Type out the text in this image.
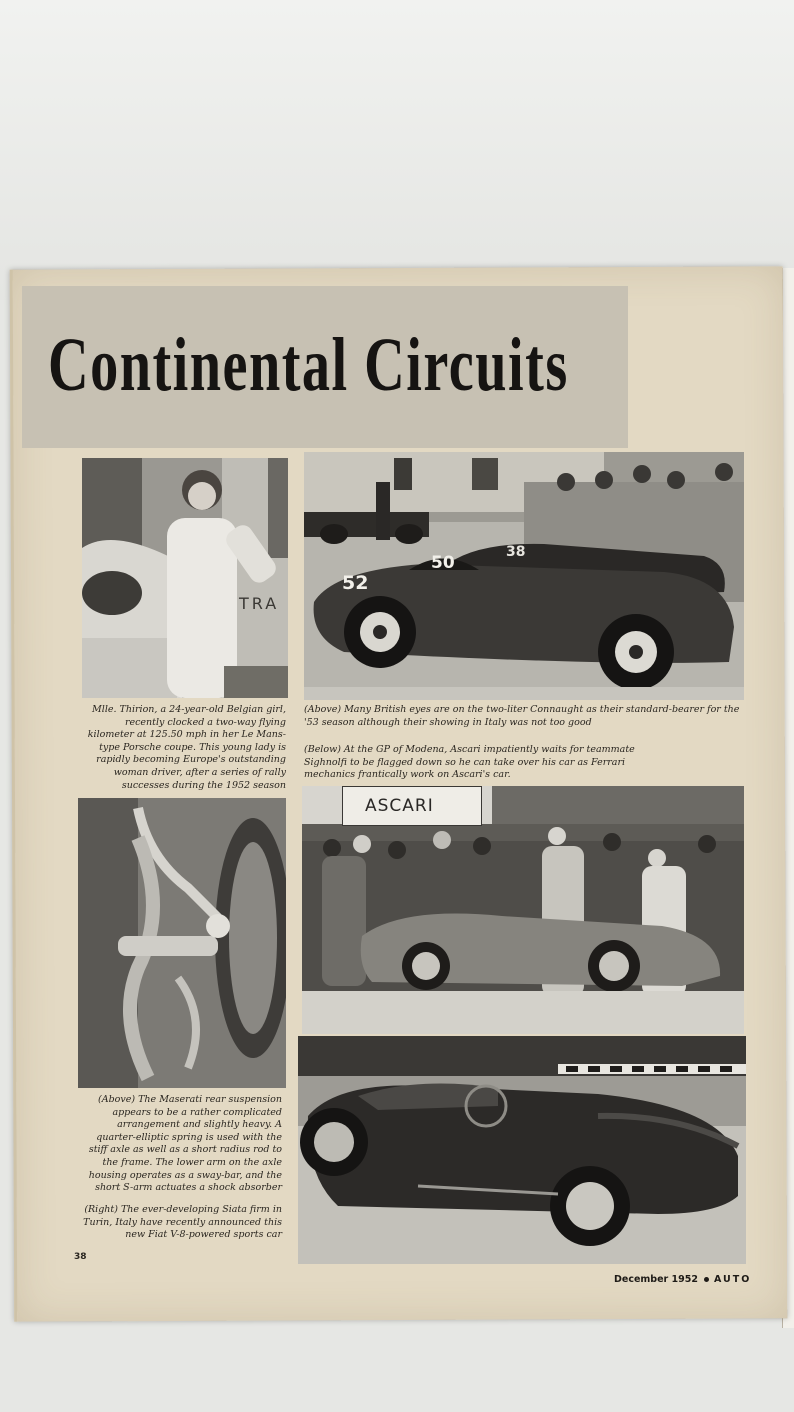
Continental Circuits
TRA
52
50
38

Mlle. Thirion, a 24-year-old Belgian girl, recently clocked a two-way flying kilometer at 125.50 mph in her Le Mans-type Porsche coupe. This young lady is rapidly becoming Europe's outstanding woman driver, after a series of rally successes during the 1952 season

(Above) Many British eyes are on the two-liter Connaught as their standard-bearer for the '53 season although their showing in Italy was not too good

(Below) At the GP of Modena, Ascari impatiently waits for teammate Sighnolfi to be flagged down so he can take over his car as Ferrari mechanics frantically work on Ascari's car.

ASCARI

(Above) The Maserati rear suspension appears to be a rather complicated arrangement and slightly heavy. A quarter-elliptic spring is used with the stiff axle as well as a short radius rod to the frame. The lower arm on the axle housing operates as a sway-bar, and the short S-arm actuates a shock absorber

(Right) The ever-developing Siata firm in Turin, Italy have recently announced this new Fiat V-8-powered sports car

38
December 1952 AUTO
